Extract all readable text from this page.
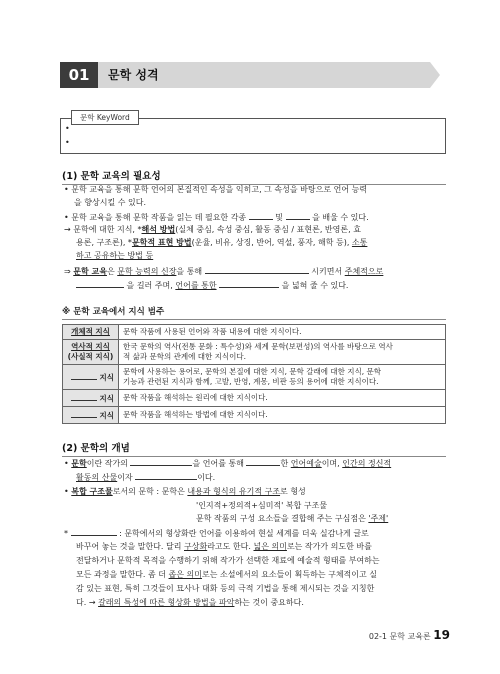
01	문학 성격
문학 KeyWord
•
•
(1) 문학 교육의 필요성
• 문학 교육을 통해 문학 언어의 본질적인 속성을 익히고, 그 속성을 바탕으로 언어 능력
을 향상시킬 수 있다.
• 문학 교육을 통해 문학 작품을 읽는 데 필요한 각종	및	을 배울 수 있다.
→ 문학에 대한 지식, *해석 방법(실체 중심, 속성 중심, 활동 중심 / 표현론, 반영론, 효
용론, 구조론), *문학적 표현 방법(운율, 비유, 상징, 반어, 역설, 풍자, 해학 등), 소통
하고 공유하는 방법 등
⇒ 문학 교육은 문학 능력의 신장을 통해	시키면서 주체적으로
을 길러 주며, 언어를 통한	을 넓혀 줄 수 있다.
※ 문학 교육에서 지식 범주
개체적 지식	문학 작품에 사용된 언어와 작품 내용에 대한 지식이다.
역사적 지식
(사실적 지식)	한국 문학의 역사(전통 문화 : 특수성)와 세계 문학(보편성)의 역사를 바탕으로 역사
적 삶과 문학의 관계에 대한 지식이다.
지식	문학에 사용하는 용어로, 문학의 본질에 대한 지식, 문학 갈래에 대한 지식, 문학
기능과 관련된 지식과 함께, 고발, 반영, 계몽, 비판 등의 용어에 대한 지식이다.
지식	문학 작품을 해석하는 원리에 대한 지식이다.
지식	문학 작품을 해석하는 방법에 대한 지식이다.
(2) 문학의 개념
• 문학이란 작가의	을 언어를 통해	한 언어예술이며, 인간의 정신적
활동의 산물이자	이다.
• 복합 구조물로서의 문학 : 문학은 내용과 형식의 유기적 구조로 형성
'인지적+정의적+심미적' 복합 구조물
문학 작품의 구성 요소들을 결합해 주는 구심점은 '주제'
*	: 문학에서의 형상화란 언어를 이용하여 현실 세계를 더욱 실감나게 글로
바꾸어 놓는 것을 말한다. 달리 구상화라고도 한다. 넓은 의미로는 작가가 의도한 바를
전달하거나 문학적 목적을 수행하기 위해 작가가 선택한 재료에 예술적 형태를 부여하는
모든 과정을 말한다. 좀 더 좁은 의미로는 소설에서의 요소들이 획득하는 구체적이고 실
감 있는 표현, 특히 그것들이 묘사나 대화 등의 극적 기법을 통해 제시되는 것을 지칭한
다. → 갈래의 특성에 따른 형상화 방법을 파악하는 것이 중요하다.
02-1 문학 교육론 19
